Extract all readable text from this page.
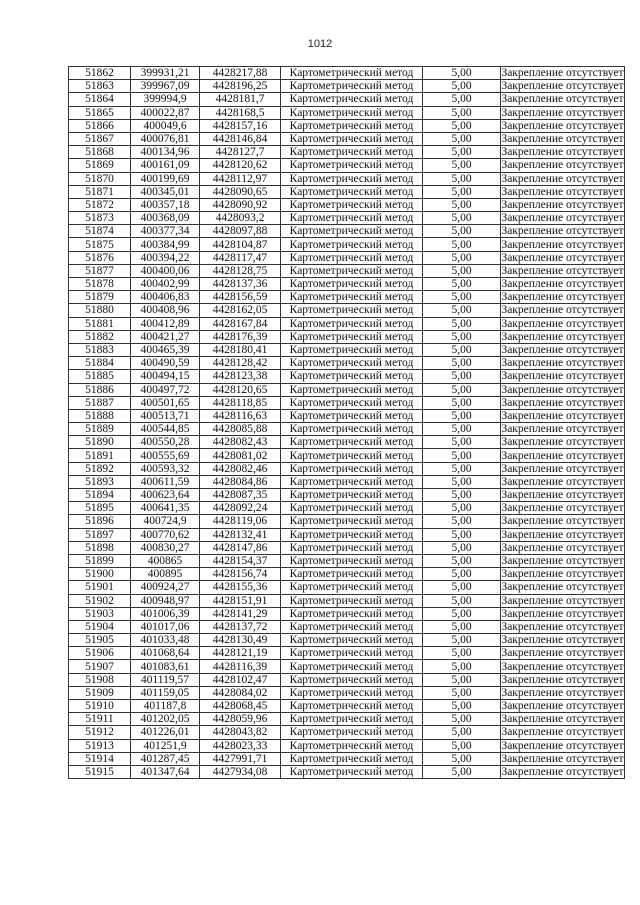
1012
51862	399931,21	4428217,88	Картометрический метод	5,00	Закрепление отсутствует
51863	399967,09	4428196,25	Картометрический метод	5,00	Закрепление отсутствует
51864	399994,9	4428181,7	Картометрический метод	5,00	Закрепление отсутствует
51865	400022,87	4428168,5	Картометрический метод	5,00	Закрепление отсутствует
51866	400049,6	4428157,16	Картометрический метод	5,00	Закрепление отсутствует
51867	400076,81	4428146,84	Картометрический метод	5,00	Закрепление отсутствует
51868	400134,96	4428127,7	Картометрический метод	5,00	Закрепление отсутствует
51869	400161,09	4428120,62	Картометрический метод	5,00	Закрепление отсутствует
51870	400199,69	4428112,97	Картометрический метод	5,00	Закрепление отсутствует
51871	400345,01	4428090,65	Картометрический метод	5,00	Закрепление отсутствует
51872	400357,18	4428090,92	Картометрический метод	5,00	Закрепление отсутствует
51873	400368,09	4428093,2	Картометрический метод	5,00	Закрепление отсутствует
51874	400377,34	4428097,88	Картометрический метод	5,00	Закрепление отсутствует
51875	400384,99	4428104,87	Картометрический метод	5,00	Закрепление отсутствует
51876	400394,22	4428117,47	Картометрический метод	5,00	Закрепление отсутствует
51877	400400,06	4428128,75	Картометрический метод	5,00	Закрепление отсутствует
51878	400402,99	4428137,36	Картометрический метод	5,00	Закрепление отсутствует
51879	400406,83	4428156,59	Картометрический метод	5,00	Закрепление отсутствует
51880	400408,96	4428162,05	Картометрический метод	5,00	Закрепление отсутствует
51881	400412,89	4428167,84	Картометрический метод	5,00	Закрепление отсутствует
51882	400421,27	4428176,39	Картометрический метод	5,00	Закрепление отсутствует
51883	400465,39	4428180,41	Картометрический метод	5,00	Закрепление отсутствует
51884	400490,59	4428128,42	Картометрический метод	5,00	Закрепление отсутствует
51885	400494,15	4428123,38	Картометрический метод	5,00	Закрепление отсутствует
51886	400497,72	4428120,65	Картометрический метод	5,00	Закрепление отсутствует
51887	400501,65	4428118,85	Картометрический метод	5,00	Закрепление отсутствует
51888	400513,71	4428116,63	Картометрический метод	5,00	Закрепление отсутствует
51889	400544,85	4428085,88	Картометрический метод	5,00	Закрепление отсутствует
51890	400550,28	4428082,43	Картометрический метод	5,00	Закрепление отсутствует
51891	400555,69	4428081,02	Картометрический метод	5,00	Закрепление отсутствует
51892	400593,32	4428082,46	Картометрический метод	5,00	Закрепление отсутствует
51893	400611,59	4428084,86	Картометрический метод	5,00	Закрепление отсутствует
51894	400623,64	4428087,35	Картометрический метод	5,00	Закрепление отсутствует
51895	400641,35	4428092,24	Картометрический метод	5,00	Закрепление отсутствует
51896	400724,9	4428119,06	Картометрический метод	5,00	Закрепление отсутствует
51897	400770,62	4428132,41	Картометрический метод	5,00	Закрепление отсутствует
51898	400830,27	4428147,86	Картометрический метод	5,00	Закрепление отсутствует
51899	400865	4428154,37	Картометрический метод	5,00	Закрепление отсутствует
51900	400895	4428156,74	Картометрический метод	5,00	Закрепление отсутствует
51901	400924,27	4428155,36	Картометрический метод	5,00	Закрепление отсутствует
51902	400948,97	4428151,91	Картометрический метод	5,00	Закрепление отсутствует
51903	401006,39	4428141,29	Картометрический метод	5,00	Закрепление отсутствует
51904	401017,06	4428137,72	Картометрический метод	5,00	Закрепление отсутствует
51905	401033,48	4428130,49	Картометрический метод	5,00	Закрепление отсутствует
51906	401068,64	4428121,19	Картометрический метод	5,00	Закрепление отсутствует
51907	401083,61	4428116,39	Картометрический метод	5,00	Закрепление отсутствует
51908	401119,57	4428102,47	Картометрический метод	5,00	Закрепление отсутствует
51909	401159,05	4428084,02	Картометрический метод	5,00	Закрепление отсутствует
51910	401187,8	4428068,45	Картометрический метод	5,00	Закрепление отсутствует
51911	401202,05	4428059,96	Картометрический метод	5,00	Закрепление отсутствует
51912	401226,01	4428043,82	Картометрический метод	5,00	Закрепление отсутствует
51913	401251,9	4428023,33	Картометрический метод	5,00	Закрепление отсутствует
51914	401287,45	4427991,71	Картометрический метод	5,00	Закрепление отсутствует
51915	401347,64	4427934,08	Картометрический метод	5,00	Закрепление отсутствует
